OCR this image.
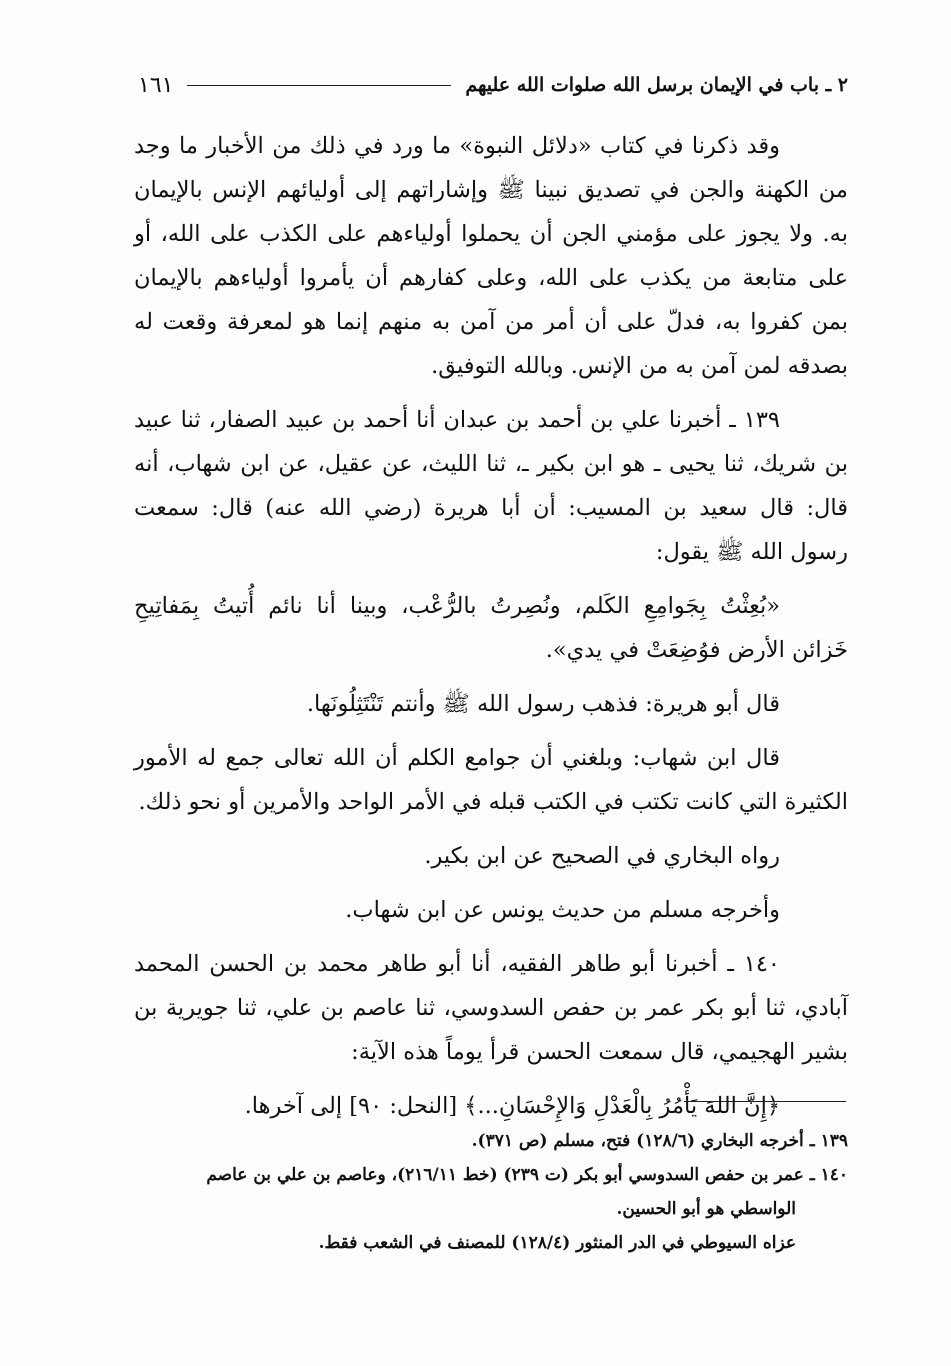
٢ ـ باب في الإيمان برسل الله صلوات الله عليهم
١٦١

وقد ذكرنا في كتاب «دلائل النبوة» ما ورد في ذلك من الأخبار ما وجد من الكهنة والجن في تصديق نبينا ﷺ وإشاراتهم إلى أوليائهم الإنس بالإيمان به. ولا يجوز على مؤمني الجن أن يحملوا أولياءهم على الكذب على الله، أو على متابعة من يكذب على الله، وعلى كفارهم أن يأمروا أولياءهم بالإيمان بمن كفروا به، فدلّ على أن أمر من آمن به منهم إنما هو لمعرفة وقعت له بصدقه لمن آمن به من الإنس. وبالله التوفيق.

١٣٩ ـ أخبرنا علي بن أحمد بن عبدان أنا أحمد بن عبيد الصفار، ثنا عبيد بن شريك، ثنا يحيى ـ هو ابن بكير ـ، ثنا الليث، عن عقيل، عن ابن شهاب، أنه قال: قال سعيد بن المسيب: أن أبا هريرة (رضي الله عنه) قال: سمعت رسول الله ﷺ يقول:

«بُعِثْتُ بِجَوامِعِ الكَلم، ونُصِرتُ بالرُّعْب، وبينا أنا نائم أُتيتُ بِمَفاتِيحِ خَزائن الأرض فوُضِعَتْ في يدي».

قال أبو هريرة: فذهب رسول الله ﷺ وأنتم تَنْتَثِلُونَها.

قال ابن شهاب: وبلغني أن جوامع الكلم أن الله تعالى جمع له الأمور الكثيرة التي كانت تكتب في الكتب قبله في الأمر الواحد والأمرين أو نحو ذلك.

رواه البخاري في الصحيح عن ابن بكير.

وأخرجه مسلم من حديث يونس عن ابن شهاب.

١٤٠ ـ أخبرنا أبو طاهر الفقيه، أنا أبو طاهر محمد بن الحسن المحمد آبادي، ثنا أبو بكر عمر بن حفص السدوسي، ثنا عاصم بن علي، ثنا جويرية بن بشير الهجيمي، قال سمعت الحسن قرأ يوماً هذه الآية:

﴿إِنَّ اللهَ يَأْمُرُ بِالْعَدْلِ وَالإِحْسَانِ...﴾ [النحل: ٩٠] إلى آخرها.

١٣٩ ـ أخرجه البخاري (١٢٨/٦) فتح، مسلم (ص ٣٧١).

١٤٠ ـ عمر بن حفص السدوسي أبو بكر (ت ٢٣٩) (خط ٢١٦/١١)، وعاصم بن علي بن عاصم

الواسطي هو أبو الحسين.

عزاه السيوطي في الدر المنثور (١٢٨/٤) للمصنف في الشعب فقط.
